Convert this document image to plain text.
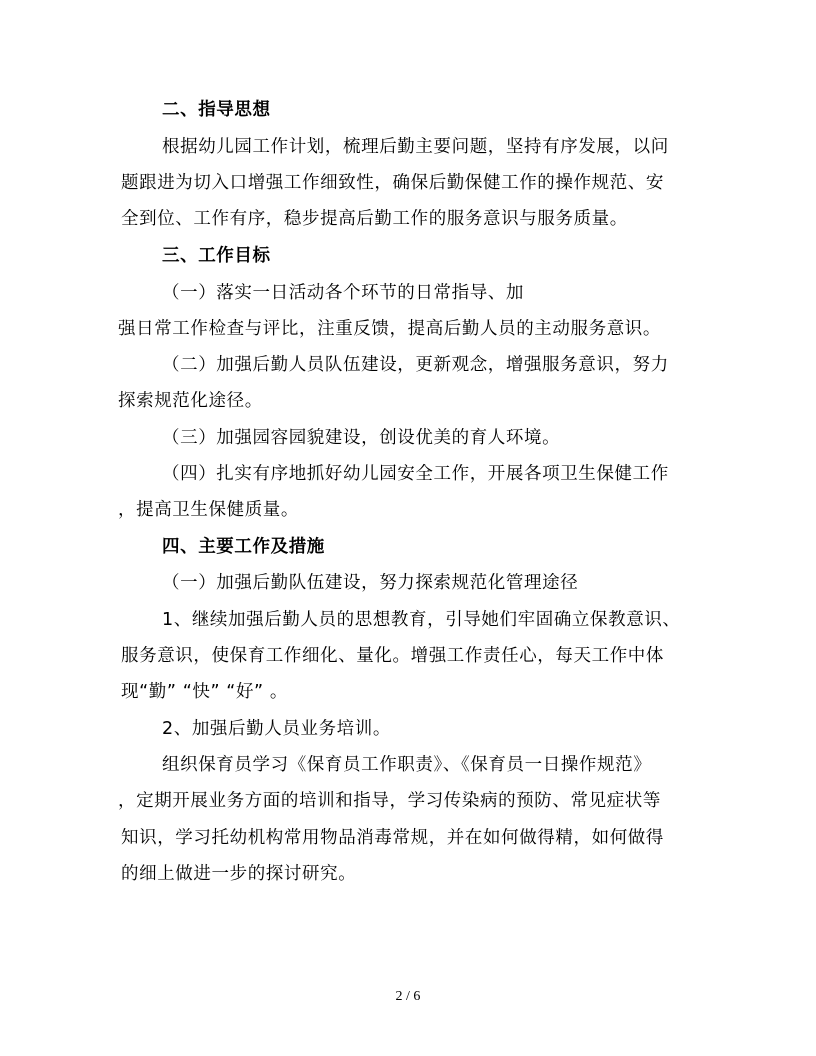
二、指导思想
根据幼儿园工作计划，梳理后勤主要问题，坚持有序发展，以问
题跟进为切入口增强工作细致性，确保后勤保健工作的操作规范、安
全到位、工作有序，稳步提高后勤工作的服务意识与服务质量。
三、工作目标
（一）落实一日活动各个环节的日常指导、加
强日常工作检查与评比，注重反馈，提高后勤人员的主动服务意识。
（二）加强后勤人员队伍建设，更新观念，增强服务意识，努力
探索规范化途径。
（三）加强园容园貌建设，创设优美的育人环境。
（四）扎实有序地抓好幼儿园安全工作，开展各项卫生保健工作
，提高卫生保健质量。
四、主要工作及措施
（一）加强后勤队伍建设，努力探索规范化管理途径
1、继续加强后勤人员的思想教育，引导她们牢固确立保教意识、
服务意识，使保育工作细化、量化。增强工作责任心，每天工作中体
现“勤” “快” “好” 。
2、加强后勤人员业务培训。
组织保育员学习《保育员工作职责》、《保育员一日操作规范》
，定期开展业务方面的培训和指导，学习传染病的预防、常见症状等
知识，学习托幼机构常用物品消毒常规，并在如何做得精，如何做得
的细上做进一步的探讨研究。
2 / 6
